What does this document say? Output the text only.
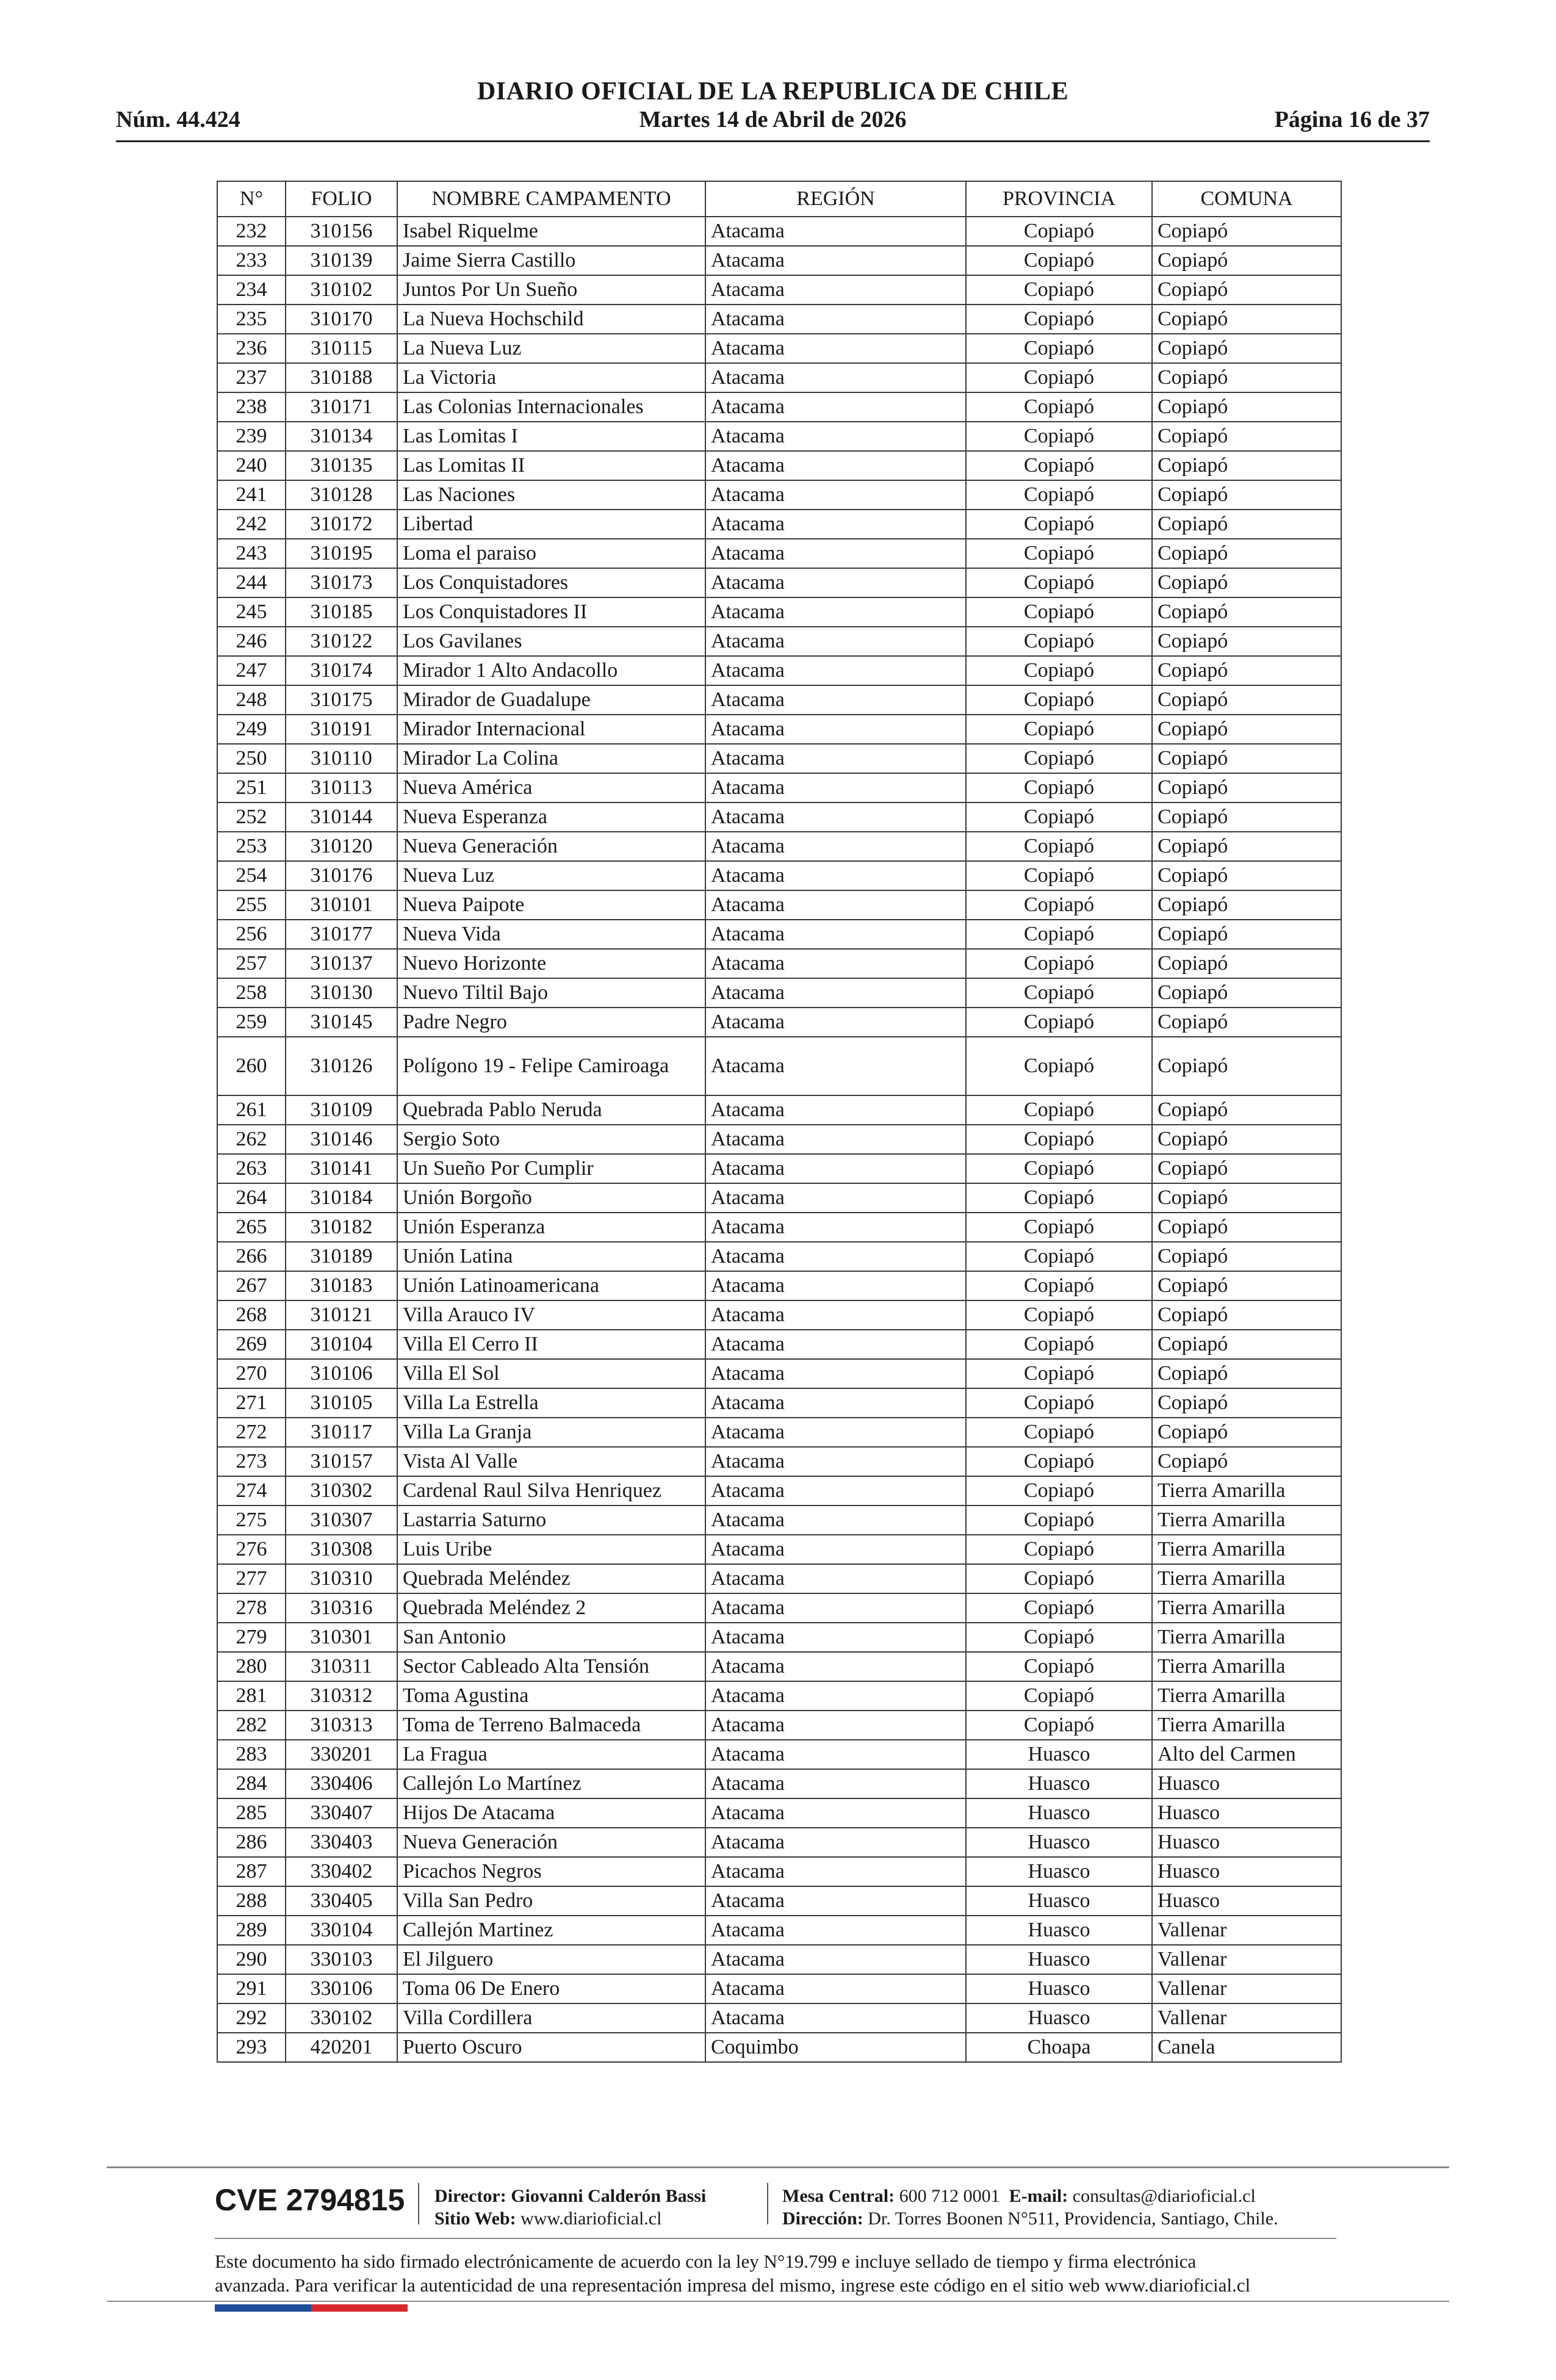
DIARIO OFICIAL DE LA REPUBLICA DE CHILE
Núm. 44.424	Martes 14 de Abril de 2026	Página 16 de 37
N°	FOLIO	NOMBRE CAMPAMENTO	REGIÓN	PROVINCIA	COMUNA
232	310156	Isabel Riquelme	Atacama	Copiapó	Copiapó
233	310139	Jaime Sierra Castillo	Atacama	Copiapó	Copiapó
234	310102	Juntos Por Un Sueño	Atacama	Copiapó	Copiapó
235	310170	La Nueva Hochschild	Atacama	Copiapó	Copiapó
236	310115	La Nueva Luz	Atacama	Copiapó	Copiapó
237	310188	La Victoria	Atacama	Copiapó	Copiapó
238	310171	Las Colonias Internacionales	Atacama	Copiapó	Copiapó
239	310134	Las Lomitas I	Atacama	Copiapó	Copiapó
240	310135	Las Lomitas II	Atacama	Copiapó	Copiapó
241	310128	Las Naciones	Atacama	Copiapó	Copiapó
242	310172	Libertad	Atacama	Copiapó	Copiapó
243	310195	Loma el paraiso	Atacama	Copiapó	Copiapó
244	310173	Los Conquistadores	Atacama	Copiapó	Copiapó
245	310185	Los Conquistadores II	Atacama	Copiapó	Copiapó
246	310122	Los Gavilanes	Atacama	Copiapó	Copiapó
247	310174	Mirador 1 Alto Andacollo	Atacama	Copiapó	Copiapó
248	310175	Mirador de Guadalupe	Atacama	Copiapó	Copiapó
249	310191	Mirador Internacional	Atacama	Copiapó	Copiapó
250	310110	Mirador La Colina	Atacama	Copiapó	Copiapó
251	310113	Nueva América	Atacama	Copiapó	Copiapó
252	310144	Nueva Esperanza	Atacama	Copiapó	Copiapó
253	310120	Nueva Generación	Atacama	Copiapó	Copiapó
254	310176	Nueva Luz	Atacama	Copiapó	Copiapó
255	310101	Nueva Paipote	Atacama	Copiapó	Copiapó
256	310177	Nueva Vida	Atacama	Copiapó	Copiapó
257	310137	Nuevo Horizonte	Atacama	Copiapó	Copiapó
258	310130	Nuevo Tiltil Bajo	Atacama	Copiapó	Copiapó
259	310145	Padre Negro	Atacama	Copiapó	Copiapó
260	310126	Polígono 19 - Felipe Camiroaga	Atacama	Copiapó	Copiapó
261	310109	Quebrada Pablo Neruda	Atacama	Copiapó	Copiapó
262	310146	Sergio Soto	Atacama	Copiapó	Copiapó
263	310141	Un Sueño Por Cumplir	Atacama	Copiapó	Copiapó
264	310184	Unión Borgoño	Atacama	Copiapó	Copiapó
265	310182	Unión Esperanza	Atacama	Copiapó	Copiapó
266	310189	Unión Latina	Atacama	Copiapó	Copiapó
267	310183	Unión Latinoamericana	Atacama	Copiapó	Copiapó
268	310121	Villa Arauco IV	Atacama	Copiapó	Copiapó
269	310104	Villa El Cerro II	Atacama	Copiapó	Copiapó
270	310106	Villa El Sol	Atacama	Copiapó	Copiapó
271	310105	Villa La Estrella	Atacama	Copiapó	Copiapó
272	310117	Villa La Granja	Atacama	Copiapó	Copiapó
273	310157	Vista Al Valle	Atacama	Copiapó	Copiapó
274	310302	Cardenal Raul Silva Henriquez	Atacama	Copiapó	Tierra Amarilla
275	310307	Lastarria Saturno	Atacama	Copiapó	Tierra Amarilla
276	310308	Luis Uribe	Atacama	Copiapó	Tierra Amarilla
277	310310	Quebrada Meléndez	Atacama	Copiapó	Tierra Amarilla
278	310316	Quebrada Meléndez 2	Atacama	Copiapó	Tierra Amarilla
279	310301	San Antonio	Atacama	Copiapó	Tierra Amarilla
280	310311	Sector Cableado Alta Tensión	Atacama	Copiapó	Tierra Amarilla
281	310312	Toma Agustina	Atacama	Copiapó	Tierra Amarilla
282	310313	Toma de Terreno Balmaceda	Atacama	Copiapó	Tierra Amarilla
283	330201	La Fragua	Atacama	Huasco	Alto del Carmen
284	330406	Callejón Lo Martínez	Atacama	Huasco	Huasco
285	330407	Hijos De Atacama	Atacama	Huasco	Huasco
286	330403	Nueva Generación	Atacama	Huasco	Huasco
287	330402	Picachos Negros	Atacama	Huasco	Huasco
288	330405	Villa San Pedro	Atacama	Huasco	Huasco
289	330104	Callejón Martinez	Atacama	Huasco	Vallenar
290	330103	El Jilguero	Atacama	Huasco	Vallenar
291	330106	Toma 06 De Enero	Atacama	Huasco	Vallenar
292	330102	Villa Cordillera	Atacama	Huasco	Vallenar
293	420201	Puerto Oscuro	Coquimbo	Choapa	Canela
CVE 2794815 Director: Giovanni Calderón Bassi
Sitio Web: www.diarioficial.cl
Mesa Central: 600 712 0001 E-mail: consultas@diarioficial.cl
Dirección: Dr. Torres Boonen N°511, Providencia, Santiago, Chile.
Este documento ha sido firmado electrónicamente de acuerdo con la ley N°19.799 e incluye sellado de tiempo y firma electrónica
avanzada. Para verificar la autenticidad de una representación impresa del mismo, ingrese este código en el sitio web www.diarioficial.cl
